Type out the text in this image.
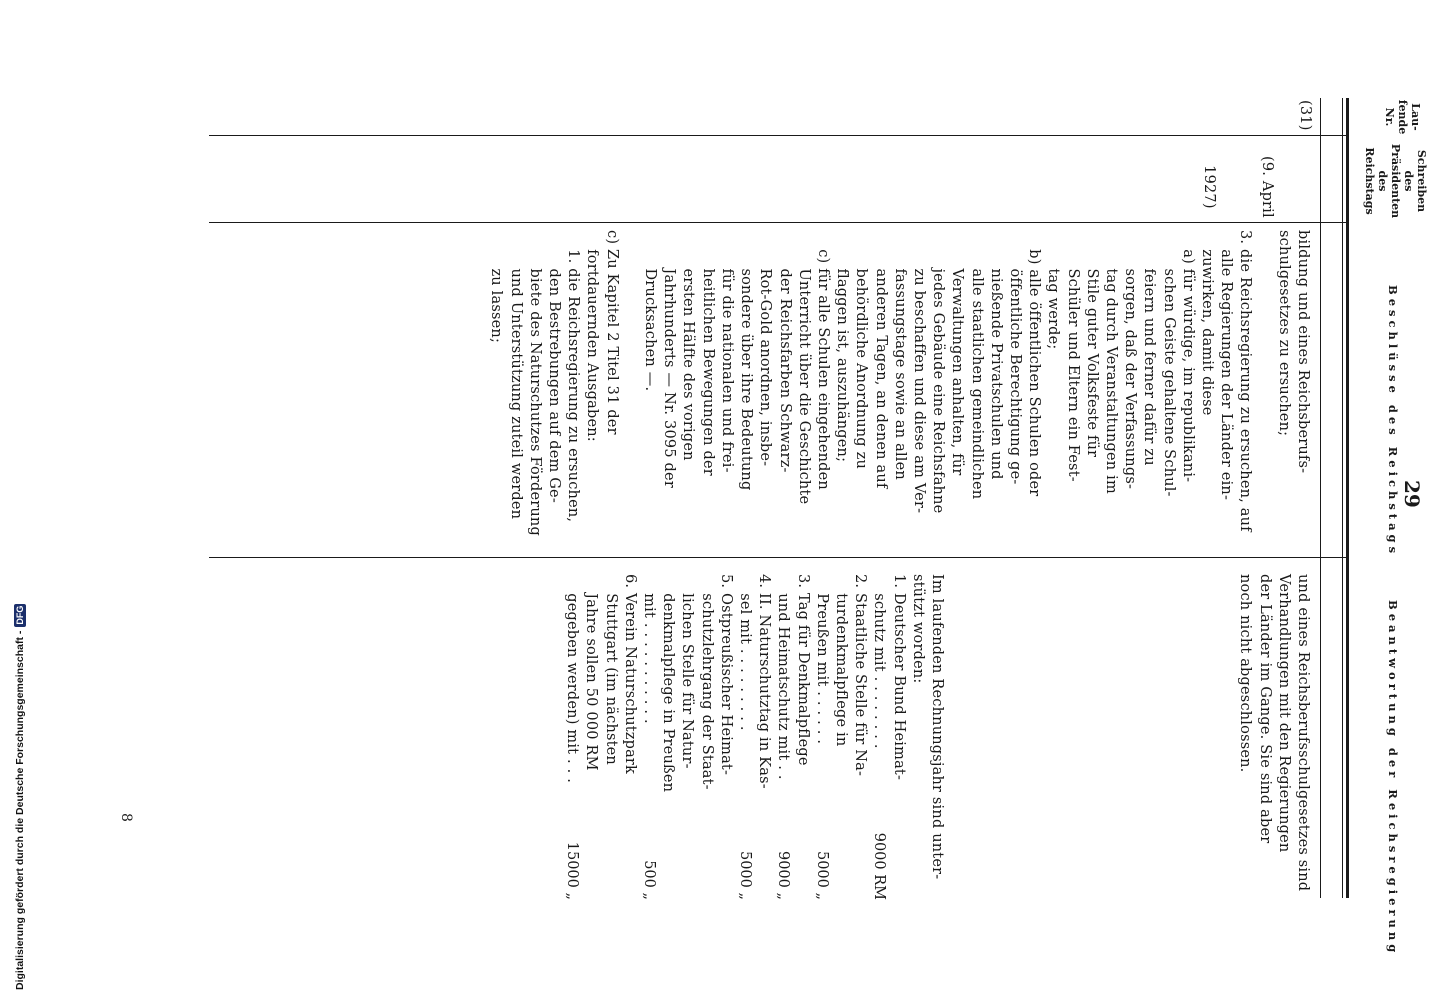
29
Lau-
fende
Nr.
Schreiben
des
Präsidenten
des
Reichstags
Beschlüsse des Reichstags
Beantwortung der Reichsregierung
(31)

(9. April

1927)

bildung und eines Reichsberufs-
schulgesetzes zu ersuchen;

3. die Reichsregierung zu ersuchen, auf
alle Regierungen der Länder ein-
zuwirken, damit diese
a) für würdige, im republikani-
schen Geiste gehaltene Schul-
feiern und ferner dafür zu
sorgen, daß der Verfassungs-
tag durch Veranstaltungen im
Stile guter Volksfeste für
Schüler und Eltern ein Fest-
tag werde;
b) alle öffentlichen Schulen oder
öffentliche Berechtigung ge-
nießende Privatschulen und
alle staatlichen gemeindlichen
Verwaltungen anhalten, für
jedes Gebäude eine Reichsfahne
zu beschaffen und diese am Ver-
fassungstage sowie an allen
anderen Tagen, an denen auf
behördliche Anordnung zu
flaggen ist, auszuhängen;
c) für alle Schulen eingehenden
Unterricht über die Geschichte
der Reichsfarben Schwarz-
Rot-Gold anordnen, insbe-
sondere über ihre Bedeutung
für die nationalen und frei-
heitlichen Bewegungen der
ersten Hälfte des vorigen
Jahrhunderts — Nr. 3095 der
Drucksachen —.

c) Zu Kapitel 2 Titel 31 der
fortdauernden Ausgaben:
1. die Reichsregierung zu ersuchen,
den Bestrebungen auf dem Ge-
biete des Naturschutzes Förderung
und Unterstützung zuteil werden
zu lassen;
und eines Reichsberufsschulgesetzes sind
Verhandlungen mit den Regierungen
der Länder im Gange. Sie sind aber
noch nicht abgeschlossen.
Im laufenden Rechnungsjahr sind unter-
stützt worden:
1. Deutscher Bund Heimat-
schutz mit . . . . . . . .
2. Staatliche Stelle für Na-
turdenkmalpflege in
Preußen mit . . . . . .
3. Tag für Denkmalpflege
und Heimatschutz mit . .
4. II. Naturschutztag in Kas-
sel mit . . . . . . . . .
5. Ostpreußischer Heimat-
schutzlehrgang der Staat-
lichen Stelle für Natur-
denkmalpflege in Preußen
mit . . . . . . . . . . .
6. Verein Naturschutzpark
Stuttgart (im nächsten
Jahre sollen 50 000 RM
gegeben werden) mit . . .
9000 RM
5000 „
9000 „
5000 „
500 „
15000 „
8
Digitalisierung gefördert durch die Deutsche Forschungsgemeinschaft -
DFG
